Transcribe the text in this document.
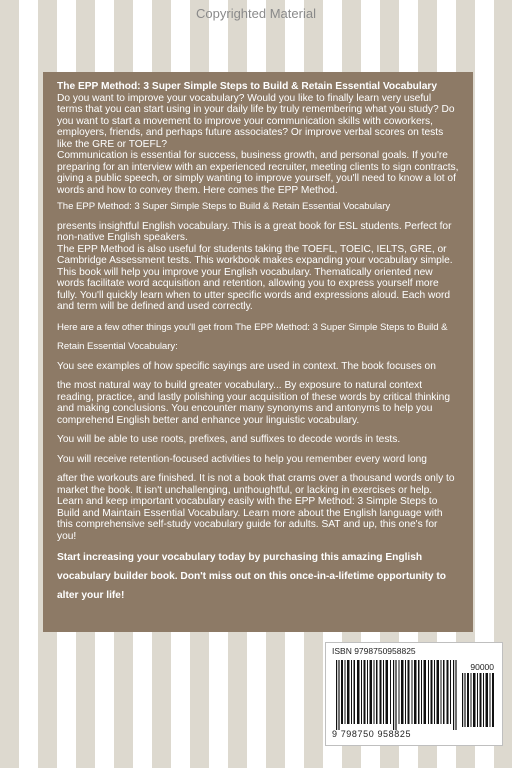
Copyrighted Material

The EPP Method: 3 Super Simple Steps to Build & Retain Essential Vocabulary

Do you want to improve your vocabulary? Would you like to finally learn very useful terms that you can start using in your daily life by truly remembering what you study? Do you want to start a movement to improve your communication skills with coworkers, employers, friends, and perhaps future associates? Or improve verbal scores on tests like the GRE or TOEFL?

Communication is essential for success, business growth, and personal goals. If you're preparing for an interview with an experienced recruiter, meeting clients to sign contracts, giving a public speech, or simply wanting to improve yourself, you'll need to know a lot of words and how to convey them. Here comes the EPP Method.

The EPP Method: 3 Super Simple Steps to Build & Retain Essential Vocabulary

presents insightful English vocabulary. This is a great book for ESL students. Perfect for non-native English speakers.

The EPP Method is also useful for students taking the TOEFL, TOEIC, IELTS, GRE, or Cambridge Assessment tests. This workbook makes expanding your vocabulary simple.

This book will help you improve your English vocabulary. Thematically oriented new words facilitate word acquisition and retention, allowing you to express yourself more fully. You'll quickly learn when to utter specific words and expressions aloud. Each word and term will be defined and used correctly.

Here are a few other things you'll get from The EPP Method: 3 Super Simple Steps to Build & Retain Essential Vocabulary:

You see examples of how specific sayings are used in context. The book focuses on

the most natural way to build greater vocabulary... By exposure to natural context reading, practice, and lastly polishing your acquisition of these words by critical thinking and making conclusions. You encounter many synonyms and antonyms to help you comprehend English better and enhance your linguistic vocabulary.

You will be able to use roots, prefixes, and suffixes to decode words in tests.

You will receive retention-focused activities to help you remember every word long

after the workouts are finished. It is not a book that crams over a thousand words only to market the book. It isn't unchallenging, unthoughtful, or lacking in exercises or help.

Learn and keep important vocabulary easily with the EPP Method: 3 Simple Steps to Build and Maintain Essential Vocabulary. Learn more about the English language with this comprehensive self-study vocabulary guide for adults. SAT and up, this one's for you!

Start increasing your vocabulary today by purchasing this amazing English vocabulary builder book. Don't miss out on this once-in-a-lifetime opportunity to alter your life!

ISBN 9798750958825
90000
9 798750 958825
